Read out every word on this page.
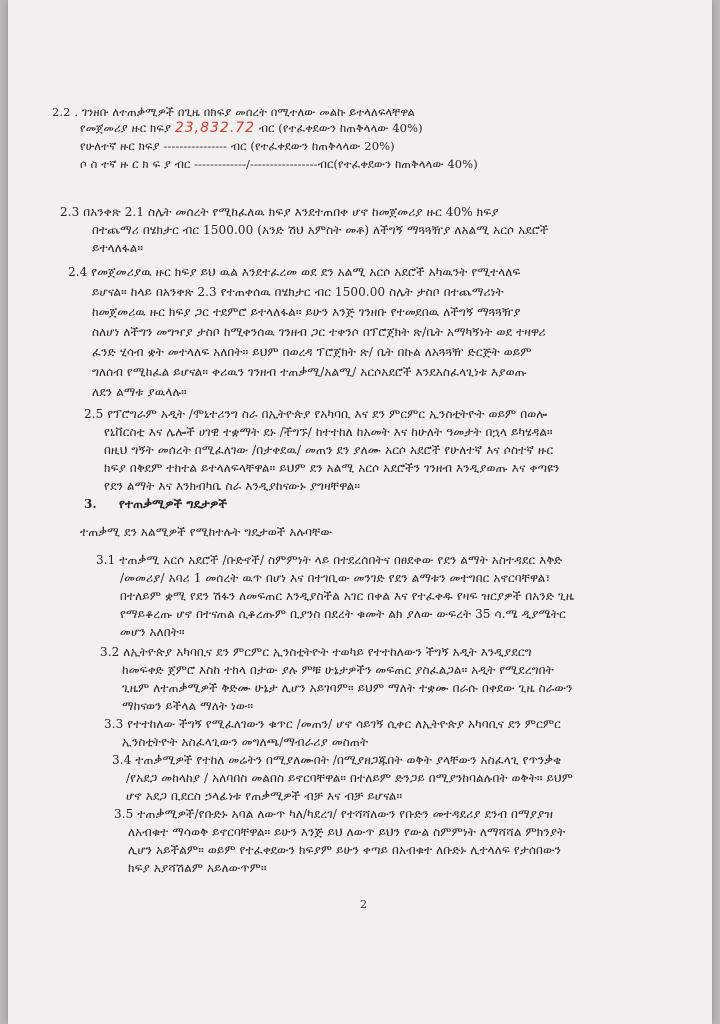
2.2 . ገንዘቡ ለተጠቃሚዎች በጊዜ በክፍያ መሰረት በሚተለው መልኩ ይተላለፍላቸዋል

የመጀመሪያ ዙር ክፍያ 23,832.72 ብር (የተፈቀደውን ከጠቅላላው 40%)

የሁለተኛ ዙር ክፍያ ---------------- ብር (የተፈቀደውን ከጠቅላላው 20%)

ሶ ስ ተኛ ዙ ር ክ ፍ ያ ብር -------------/-----------------ብር(የተፈቀደውን ከጠቅላላው 40%)

2.3 በአንቀጽ 2.1 ስሌት መሰረት የሚከፈለዉ ክፍያ እንደተጠበቀ ሆኖ ከመጀመሪያ ዙር 40% ክፍያ

በተጨማሪ በሄክታር ብር 1500.00 (አንድ ሽህ አምስት መቶ) ለችግኝ ማጓጓዥያ ለአልሚ አርሶ አደሮች

ይተላለፋል።

2.4 የመጀመሪያዉ ዙር ክፍያ ይህ ዉል እንደተፈረመ ወደ ደን አልሚ አርሶ አደሮች አካዉንት የሚተላለፍ

ይሆናል። ከላይ በአንቀጽ 2.3 የተጠቀሰዉ በሄክታር ብር 1500.00 ስሌት ታስቦ በተጨማሪነት

ከመጀመሪዉ ዙር ክፍያ ጋር ተደምሮ ይተላለፋል። ይሁን እንጅ ገንዘቡ የተመደበዉ ለችግኝ ማጓጓዥያ

ስለሆነ ለችግን መግዣያ ታስቦ ከሚቀንሰዉ ገንዘብ ጋር ተቀንሶ በፕሮጀክት ጽ/ቤት አማካኝነት ወደ ተዛዋሪ

ፈንድ ሂሳብ ቋት መተላለፍ አለበት። ይህም በወረዳ ፕሮጀክት ጽ/ ቤት በኩል ለአጓጓዥ ድርጅት ወይም

ግለሰብ የሚከፈል ይሆናል። ቀሪዉን ገንዘብ ተጠቃሚ/አልሚ/ አርሶአደሮች እንደአስፈላጊነቱ እያወጡ

ለደን ልማቱ ያዉላሉ።

2.5 የፕሮግራም አዲት /ሞኒተሪንግ ስራ በኢትዮጵያ የአካባቢ እና ደን ምርምር ኢንስቲትዮት ወይም በወሎ

የኒቨርስቲ እና ሌሎች ሀገዊ ተቋማት ደኑ /ችግኙ/ ከተተከለ ከአመት እና ከሁለት ዓመታት በኋላ ይካሄዳል።

በዚህ ግኝት መሰረት በሚፈለገው /በታቀደዉ/ መጠን ደን ያለሙ አርሶ አደሮች የሁለተኛ እና ሶስተኛ ዙር

ክፍያ በቅደም ተከተል ይተላለፍላቸዋል። ይህም ደን አልሚ አርሶ አደሮችን ገንዘብ እንዲያወጡ እና ቀጣዩን

የደን ልማት እና እንክብካቤ ስራ እንዲያከናውኑ ያግዛቸዋል።

3. የተጠቃሚዎች ግዴታዎች

ተጠቃሚ ደን አልሚዎች የሚከተሉት ግዴታወች አሉባቸው

3.1 ተጠቃሚ አርሶ አደሮች /ቡድኖች/ ስምምነት ላይ በተደረሰበትና በፀደቀው የደን ልማት አስተዳደር እቅድ

/መመሪያ/ አባሪ 1 መሰረት ዉጥ በሆነ እና በተገቢው መንገድ የደን ልማቱን መተግበር አኖርባቸዋል፣

በተለይም ቋሚ የደን ሽፋን ለመፍጠር እንዲያስችል አገር በቀል እና የተፈቀዱ የዛፍ ዝርያዎች በአንድ ጊዜ

የማይቆረጡ ሆኖ በተናጠል ሲቆረጡም ቢያንስ በደረት ቁመት ልክ ያለው ውፍረት 35 ሳ.ሜ ዲያሜትር

መሆን አለበት።

3.2 ለኢትዮጵያ አካባቢና ደን ምርምር ኢንስቲትዮት ተወካይ የተተከለውን ችግኝ አዲት እንዲያደርግ

ከመፍቀድ ጀምሮ እስከ ተከላ በታው ያሉ ምቹ ሁኔታዎችን መፍጠር ያስፈልጋል። አዲት የሚደረግበት

ጊዜም ለተጠቃሚዎች ቅድሙ ሁኔታ ሊሆን አይገባም። ይህም ማለት ተቋሙ በራሱ በቀደው ጊዜ ስራውን

ማከናወን ይችላል ማለት ነው።

3.3 የተተከለው ችግኝ የሚፈለገውን ቁጥር /መጠን/ ሆኖ ሳይገኝ ሲቀር ለኢትዮጵያ አካባቢና ደን ምርምር

ኢንስቲትዮት አስፈላጊውን መግለጫ/ማብራሪያ መስጠት

3.4 ተጠቃሚዎች የተከለ መሬትን በሚያለሙበት /በሚያዘጋጁበት ወቅት ያላቸውን አስፈላጊ የጥንቃቄ

/የአደጋ መከላከያ / አለባበስ መልበስ ይኖርባቸዋል። በተለይም ድንጋይ በሚያንከባልሉበት ወቅት። ይህም

ሆኖ አደጋ ቢደርስ ኃላፊነቱ የጠቃሚዎች ብቻ እና ብቻ ይሆናል።

3.5 ተጠቃሚዎች/የቡድኑ አባል ለውጥ ካለ/ካደረገ/ የተሻሻለውን የቡድን መተዳደሪያ ደንብ በማያያዝ

ለአብቁተ ማሳወቅ ይኖርባቸዋል። ይሁን እንጅ ይህ ለውጥ ይህን የውል ስምምነት ለማሻሻል ምክንያት

ሊሆን አይችልም። ወይም የተፈቀደውን ክፍያም ይሁን ቀጣይ በአብቁተ ለቡድኑ ሊተላለፍ የታሰበውን

ክፍያ አያሻሽልም አይለውጥም።

2
